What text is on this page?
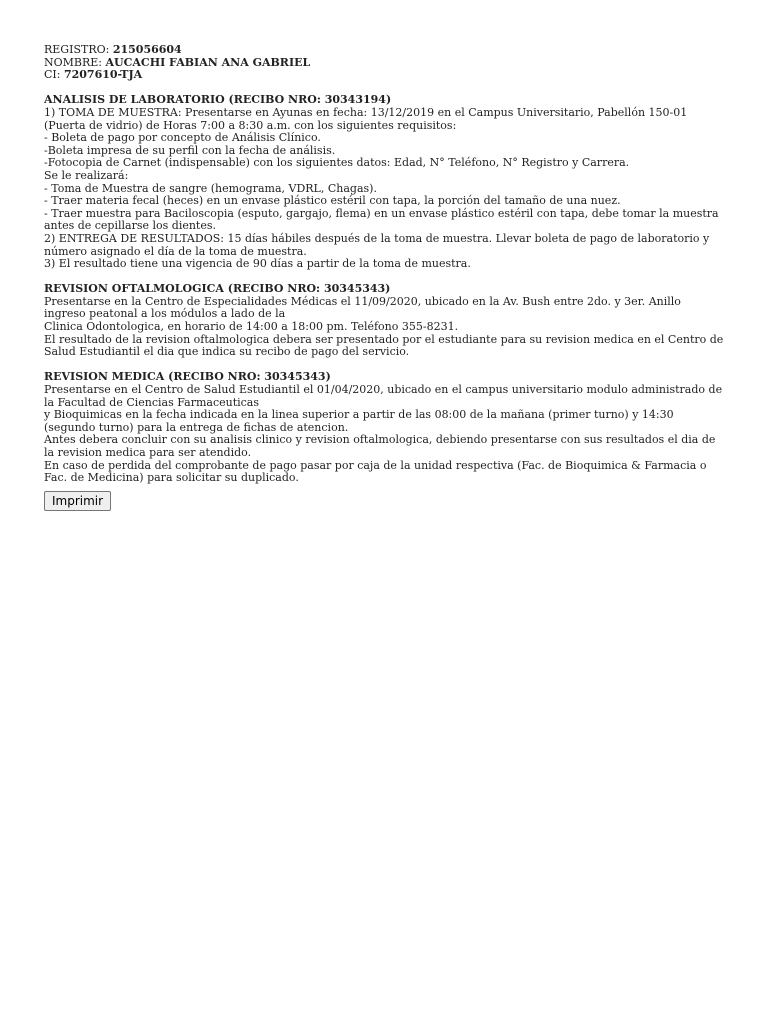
REGISTRO: 215056604
NOMBRE: AUCACHI FABIAN ANA GABRIEL
CI: 7207610-TJA
ANALISIS DE LABORATORIO (RECIBO NRO: 30343194)
1) TOMA DE MUESTRA: Presentarse en Ayunas en fecha: 13/12/2019 en el Campus Universitario, Pabellón 150-01 (Puerta de vidrio) de Horas 7:00 a 8:30 a.m. con los siguientes requisitos:
- Boleta de pago por concepto de Análisis Clínico.
-Boleta impresa de su perfil con la fecha de análisis.
-Fotocopia de Carnet (indispensable) con los siguientes datos: Edad, N° Teléfono, N° Registro y Carrera.
Se le realizará:
- Toma de Muestra de sangre (hemograma, VDRL, Chagas).
- Traer materia fecal (heces) en un envase plástico estéril con tapa, la porción del tamaño de una nuez.
- Traer muestra para Baciloscopia (esputo, gargajo, flema) en un envase plástico estéril con tapa, debe tomar la muestra antes de cepillarse los dientes.
2) ENTREGA DE RESULTADOS: 15 días hábiles después de la toma de muestra. Llevar boleta de pago de laboratorio y número asignado el día de la toma de muestra.
3) El resultado tiene una vigencia de 90 días a partir de la toma de muestra.
REVISION OFTALMOLOGICA (RECIBO NRO: 30345343)
Presentarse en la Centro de Especialidades Médicas el 11/09/2020, ubicado en la Av. Bush entre 2do. y 3er. Anillo ingreso peatonal a los módulos a lado de la
Clinica Odontologica, en horario de 14:00 a 18:00 pm. Teléfono 355-8231.
El resultado de la revision oftalmologica debera ser presentado por el estudiante para su revision medica en el Centro de Salud Estudiantil el dia que indica su recibo de pago del servicio.
REVISION MEDICA (RECIBO NRO: 30345343)
Presentarse en el Centro de Salud Estudiantil el 01/04/2020, ubicado en el campus universitario modulo administrado de la Facultad de Ciencias Farmaceuticas
y Bioquimicas en la fecha indicada en la linea superior a partir de las 08:00 de la mañana (primer turno) y 14:30 (segundo turno) para la entrega de fichas de atencion.
Antes debera concluir con su analisis clinico y revision oftalmologica, debiendo presentarse con sus resultados el dia de la revision medica para ser atendido.
En caso de perdida del comprobante de pago pasar por caja de la unidad respectiva (Fac. de Bioquimica & Farmacia o Fac. de Medicina) para solicitar su duplicado.
Imprimir
